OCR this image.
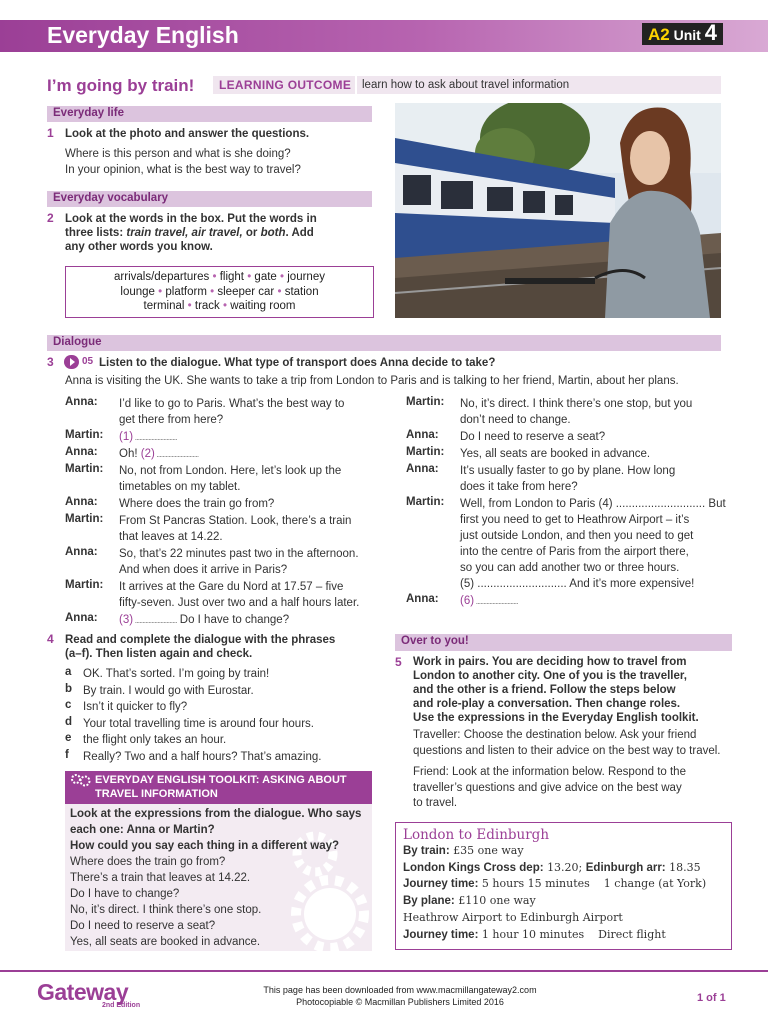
Everyday English	A2 Unit 4
I’m going by train! LEARNING OUTCOME learn how to ask about travel information
Everyday life
1 Look at the photo and answer the questions.
Where is this person and what is she doing?
In your opinion, what is the best way to travel?
Everyday vocabulary
2 Look at the words in the box. Put the words in
three lists: train travel, air travel, or both. Add
any other words you know.
arrivals/departures • flight • gate • journey
lounge • platform • sleeper car • station
terminal • track • waiting room
Dialogue
3	05 Listen to the dialogue. What type of transport does Anna decide to take?
Anna is visiting the UK. She wants to take a trip from London to Paris and is talking to her friend, Martin, about her plans.
Anna: I’d like to go to Paris. What’s the best way to
get there from here?
Martin: (1) ............................
Anna: Oh! (2) ............................
Martin: No, not from London. Here, let’s look up the
timetables on my tablet.
Anna: Where does the train go from?
Martin: From St Pancras Station. Look, there’s a train
that leaves at 14.22.
Anna: So, that’s 22 minutes past two in the afternoon.
And when does it arrive in Paris?
Martin: It arrives at the Gare du Nord at 17.57 – five
fifty-seven. Just over two and a half hours later.
Anna: (3) ............................ Do I have to change?
Martin: No, it’s direct. I think there’s one stop, but you
don’t need to change.
Anna: Do I need to reserve a seat?
Martin: Yes, all seats are booked in advance.
Anna: It’s usually faster to go by plane. How long
does it take from here?
Martin: Well, from London to Paris (4) ............................ But
first you need to get to Heathrow Airport – it’s
just outside London, and then you need to get
into the centre of Paris from the airport there,
so you can add another two or three hours.
(5) ............................ And it’s more expensive!
Anna: (6) ............................
4 Read and complete the dialogue with the phrases
(a–f). Then listen again and check.
a OK. That’s sorted. I’m going by train!
b By train. I would go with Eurostar.
c Isn’t it quicker to fly?
d Your total travelling time is around four hours.
e the flight only takes an hour.
f Really? Two and a half hours? That’s amazing.
EVERYDAY ENGLISH TOOLKIT: ASKING ABOUT
TRAVEL INFORMATION
Look at the expressions from the dialogue. Who says
each one: Anna or Martin?
How could you say each thing in a different way?
Where does the train go from?
There’s a train that leaves at 14.22.
Do I have to change?
No, it’s direct. I think there’s one stop.
Do I need to reserve a seat?
Yes, all seats are booked in advance.
Over to you!
5 Work in pairs. You are deciding how to travel from
London to another city. One of you is the traveller,
and the other is a friend. Follow the steps below
and role-play a conversation. Then change roles.
Use the expressions in the Everyday English toolkit.
Traveller: Choose the destination below. Ask your friend
questions and listen to their advice on the best way to travel.
Friend: Look at the information below. Respond to the
traveller’s questions and give advice on the best way
to travel.
London to Edinburgh
By train: £35 one way
London Kings Cross dep: 13.20; Edinburgh arr: 18.35
Journey time: 5 hours 15 minutes 1 change (at York)
By plane: £110 one way
Heathrow Airport to Edinburgh Airport
Journey time: 1 hour 10 minutes Direct flight
Gateway
2nd Edition
This page has been downloaded from www.macmillangateway2.com
Photocopiable © Macmillan Publishers Limited 2016	1 of 1
